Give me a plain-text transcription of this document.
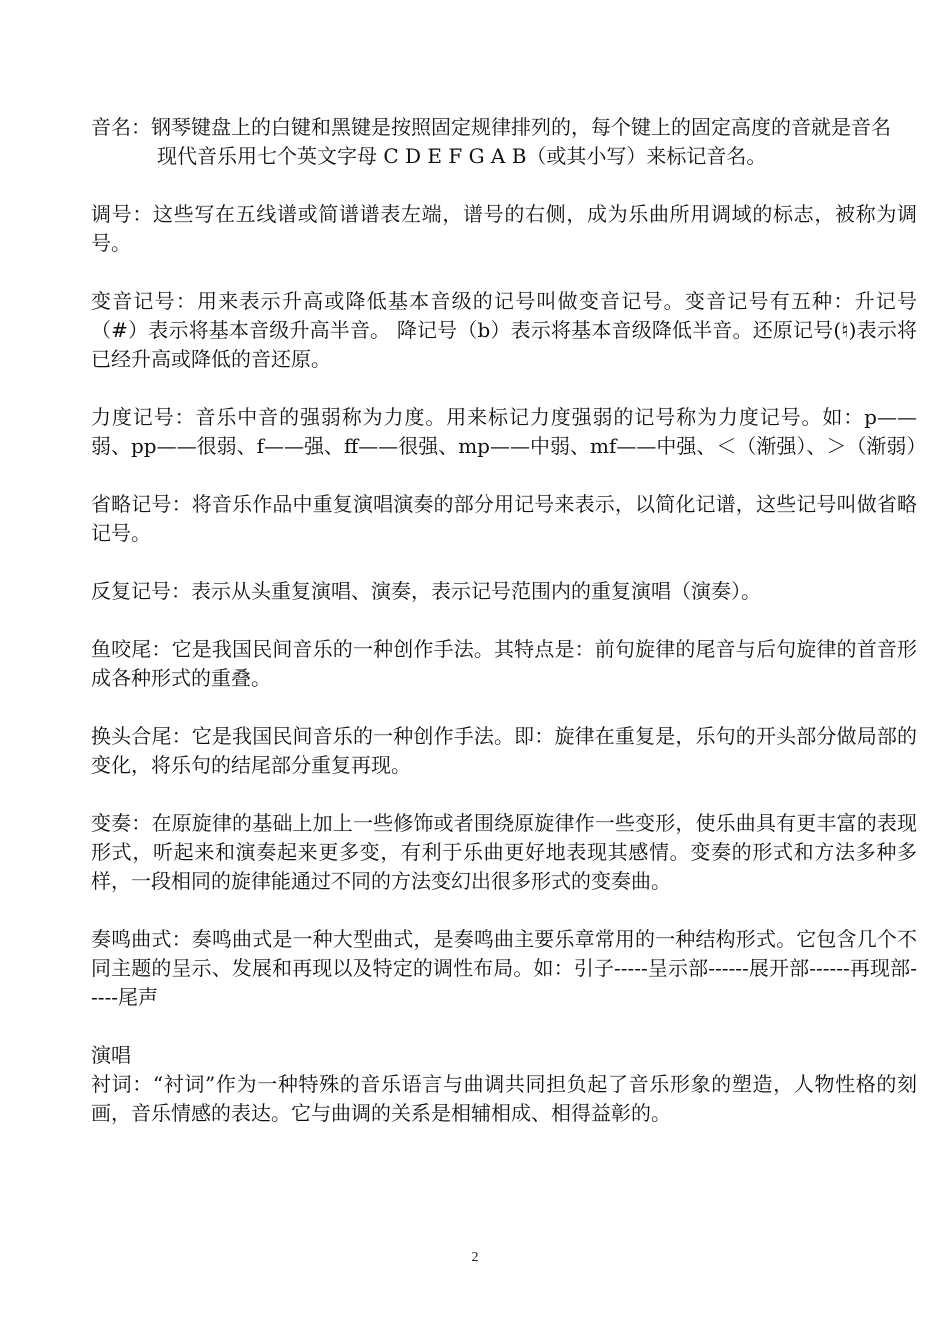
音名：钢琴键盘上的白键和黑键是按照固定规律排列的，每个键上的固定高度的音就是音名

现代音乐用七个英文字母 C D E F G A B（或其小写）来标记音名。

调号：这些写在五线谱或简谱谱表左端，谱号的右侧，成为乐曲所用调域的标志，被称为调号。

变音记号：用来表示升高或降低基本音级的记号叫做变音记号。变音记号有五种：升记号（#）表示将基本音级升高半音。 降记号（b）表示将基本音级降低半音。还原记号(♮)表示将已经升高或降低的音还原。

力度记号：音乐中音的强弱称为力度。用来标记力度强弱的记号称为力度记号。如：p——弱、pp——很弱、f——强、ff——很强、mp——中弱、mf——中强、＜（渐强）、＞（渐弱）

省略记号：将音乐作品中重复演唱演奏的部分用记号来表示，以简化记谱，这些记号叫做省略记号。

反复记号：表示从头重复演唱、演奏，表示记号范围内的重复演唱（演奏）。

鱼咬尾：它是我国民间音乐的一种创作手法。其特点是：前句旋律的尾音与后句旋律的首音形成各种形式的重叠。

换头合尾：它是我国民间音乐的一种创作手法。即：旋律在重复是，乐句的开头部分做局部的变化，将乐句的结尾部分重复再现。

变奏：在原旋律的基础上加上一些修饰或者围绕原旋律作一些变形，使乐曲具有更丰富的表现形式，听起来和演奏起来更多变，有利于乐曲更好地表现其感情。变奏的形式和方法多种多样，一段相同的旋律能通过不同的方法变幻出很多形式的变奏曲。

奏鸣曲式：奏鸣曲式是一种大型曲式，是奏鸣曲主要乐章常用的一种结构形式。它包含几个不同主题的呈示、发展和再现以及特定的调性布局。如：引子-----呈示部------展开部------再现部-----尾声

演唱

衬词：“衬词”作为一种特殊的音乐语言与曲调共同担负起了音乐形象的塑造，人物性格的刻画，音乐情感的表达。它与曲调的关系是相辅相成、相得益彰的。

2
